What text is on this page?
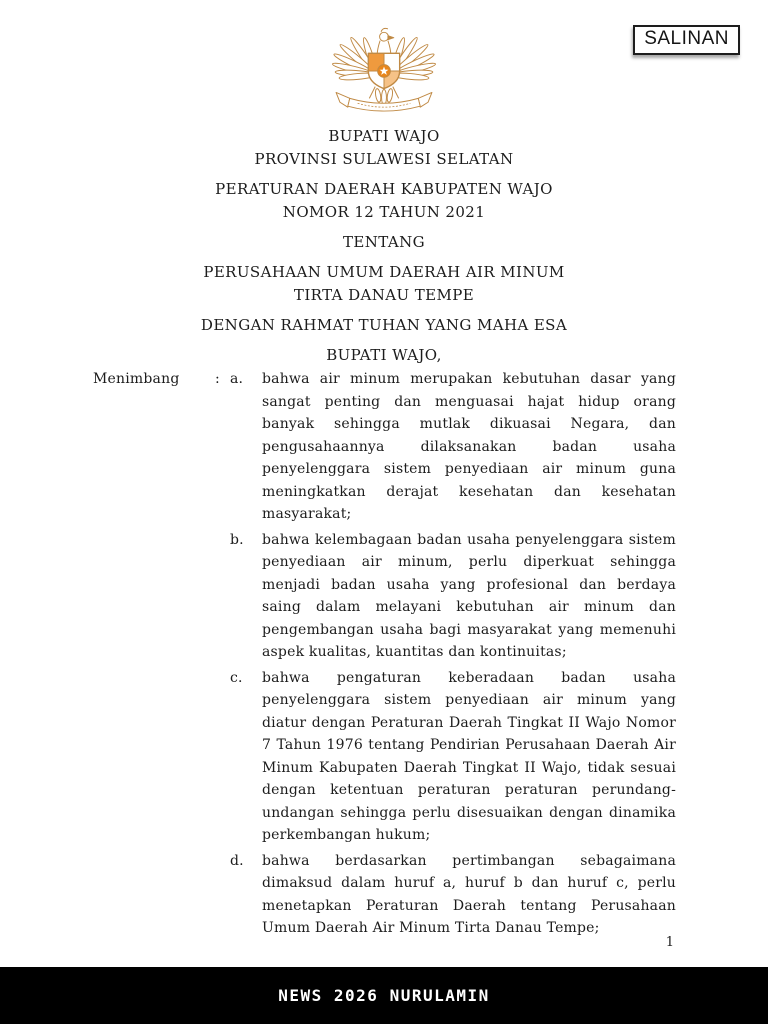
SALINAN
BUPATI WAJO
PROVINSI SULAWESI SELATAN
PERATURAN DAERAH KABUPATEN WAJO
NOMOR 12 TAHUN 2021
TENTANG
PERUSAHAAN UMUM DAERAH AIR MINUM
TIRTA DANAU TEMPE
DENGAN RAHMAT TUHAN YANG MAHA ESA
BUPATI WAJO,
Menimbang	: a.	bahwa air minum merupakan kebutuhan dasar yang sangat penting dan menguasai hajat hidup orang banyak sehingga mutlak dikuasai Negara, dan pengusahaannya dilaksanakan badan usaha penyelenggara sistem penyediaan air minum guna meningkatkan derajat kesehatan dan kesehatan masyarakat;
b.	bahwa kelembagaan badan usaha penyelenggara sistem penyediaan air minum, perlu diperkuat sehingga menjadi badan usaha yang profesional dan berdaya saing dalam melayani kebutuhan air minum dan pengembangan usaha bagi masyarakat yang memenuhi aspek kualitas, kuantitas dan kontinuitas;
c.	bahwa pengaturan keberadaan badan usaha penyelenggara sistem penyediaan air minum yang diatur dengan Peraturan Daerah Tingkat II Wajo Nomor 7 Tahun 1976 tentang Pendirian Perusahaan Daerah Air Minum Kabupaten Daerah Tingkat II Wajo, tidak sesuai dengan ketentuan peraturan peraturan perundang-undangan sehingga perlu disesuaikan dengan dinamika perkembangan hukum;
d.	bahwa berdasarkan pertimbangan sebagaimana dimaksud dalam huruf a, huruf b dan huruf c, perlu menetapkan Peraturan Daerah tentang Perusahaan Umum Daerah Air Minum Tirta Danau Tempe;
1
NEWS 2026 NURULAMIN
